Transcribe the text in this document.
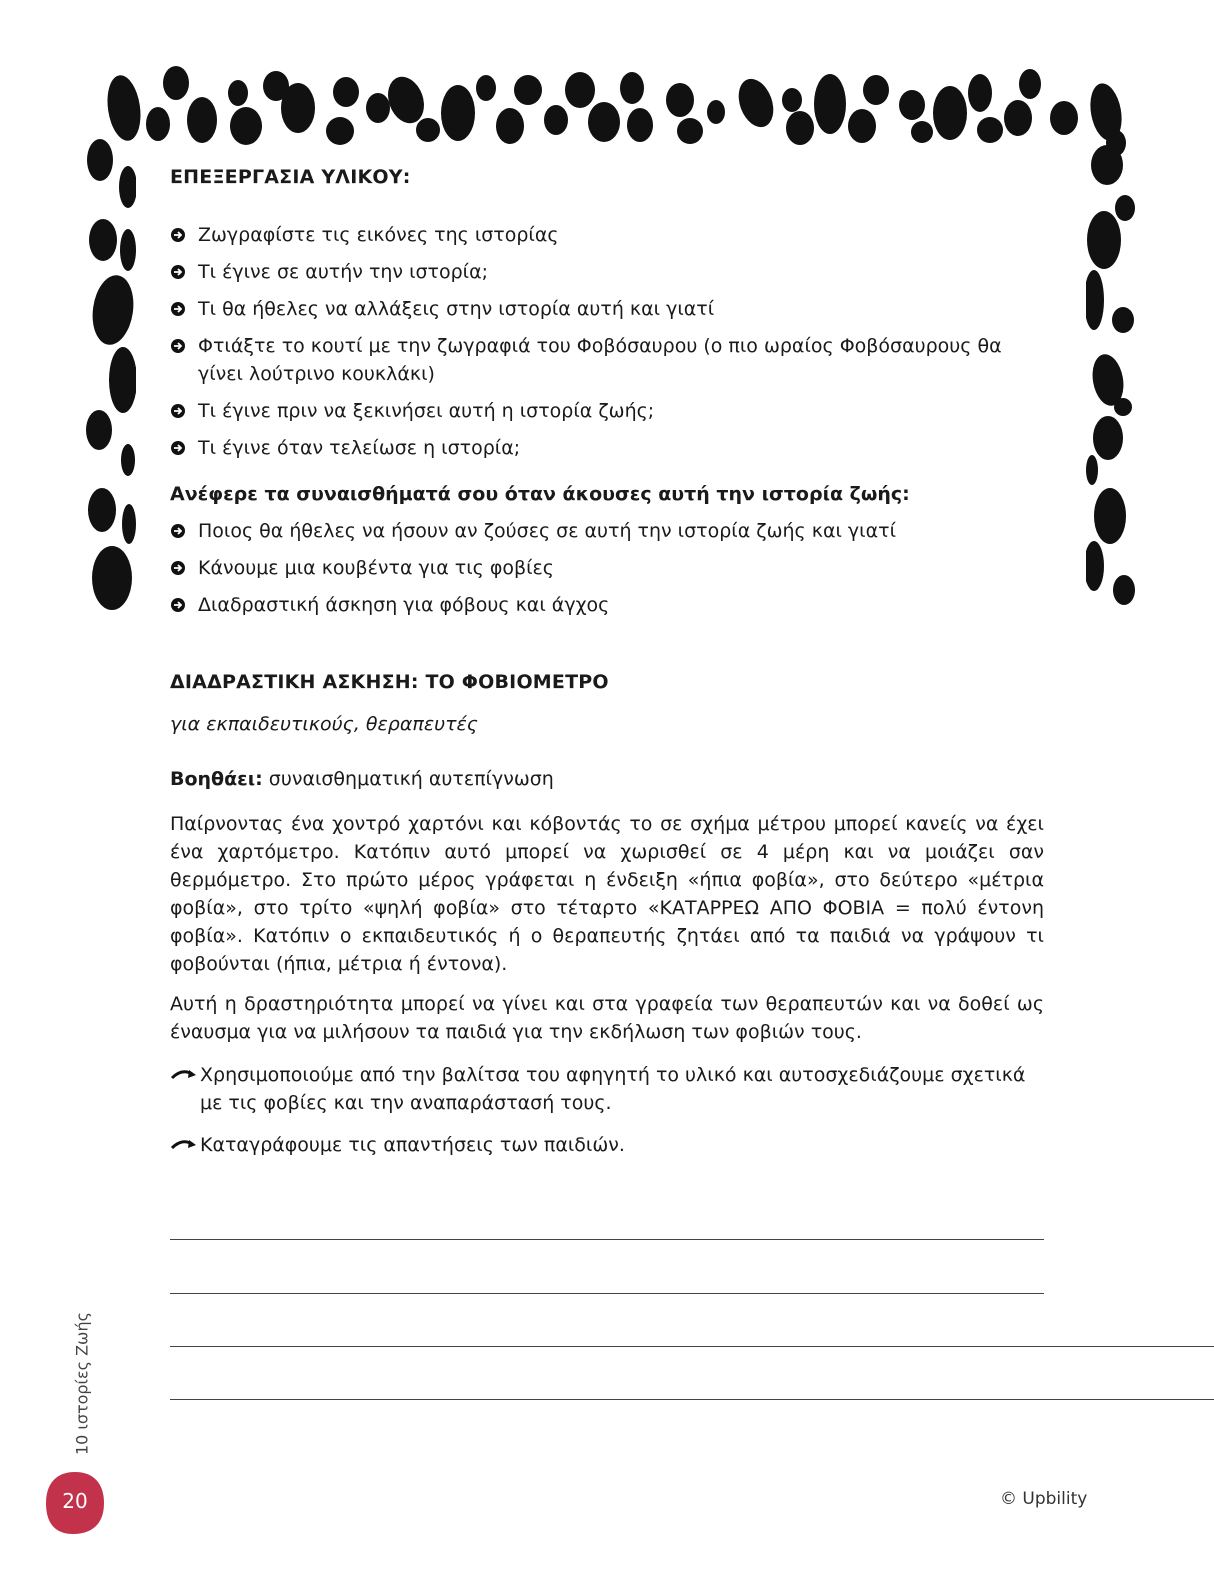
ΕΠΕΞΕΡΓΑΣΙΑ ΥΛΙΚΟΥ:
Ζωγραφίστε τις εικόνες της ιστορίας
Τι έγινε σε αυτήν την ιστορία;
Τι θα ήθελες να αλλάξεις στην ιστορία αυτή και γιατί
Φτιάξτε το κουτί με την ζωγραφιά του Φοβόσαυρου (ο πιο ωραίος Φοβόσαυρους θα γίνει λούτρινο κουκλάκι)
Τι έγινε πριν να ξεκινήσει αυτή η ιστορία ζωής;
Τι έγινε όταν τελείωσε η ιστορία;
Ανέφερε τα συναισθήματά σου όταν άκουσες αυτή την ιστορία ζωής:
Ποιος θα ήθελες να ήσουν αν ζούσες σε αυτή την ιστορία ζωής και γιατί
Κάνουμε μια κουβέντα για τις φοβίες
Διαδραστική άσκηση για φόβους και άγχος
ΔΙΑΔΡΑΣΤΙΚΗ ΑΣΚΗΣΗ: ΤΟ ΦΟΒΙΟΜΕΤΡΟ
για εκπαιδευτικούς, θεραπευτές
Βοηθάει: συναισθηματική αυτεπίγνωση
Παίρνοντας ένα χοντρό χαρτόνι και κόβοντάς το σε σχήμα μέτρου μπορεί κανείς να έχει ένα χαρτόμετρο. Κατόπιν αυτό μπορεί να χωρισθεί σε 4 μέρη και να μοιάζει σαν θερμόμετρο. Στο πρώτο μέρος γράφεται η ένδειξη «ήπια φοβία», στο δεύτερο «μέτρια φοβία», στο τρίτο «ψηλή φοβία» στο τέταρτο «ΚΑΤΑΡΡΕΩ ΑΠΟ ΦΟΒΙΑ = πολύ έντονη φοβία». Κατόπιν ο εκπαιδευτικός ή ο θεραπευτής ζητάει από τα παιδιά να γράψουν τι φοβούνται (ήπια, μέτρια ή έντονα).
Αυτή η δραστηριότητα μπορεί να γίνει και στα γραφεία των θεραπευτών και να δοθεί ως έναυσμα για να μιλήσουν τα παιδιά για την εκδήλωση των φοβιών τους.
Χρησιμοποιούμε από την βαλίτσα του αφηγητή το υλικό και αυτοσχεδιάζουμε σχετικά με τις φοβίες και την αναπαράστασή τους.
Καταγράφουμε τις απαντήσεις των παιδιών.
10 ιστορίες Ζωής
20	© Upbility
